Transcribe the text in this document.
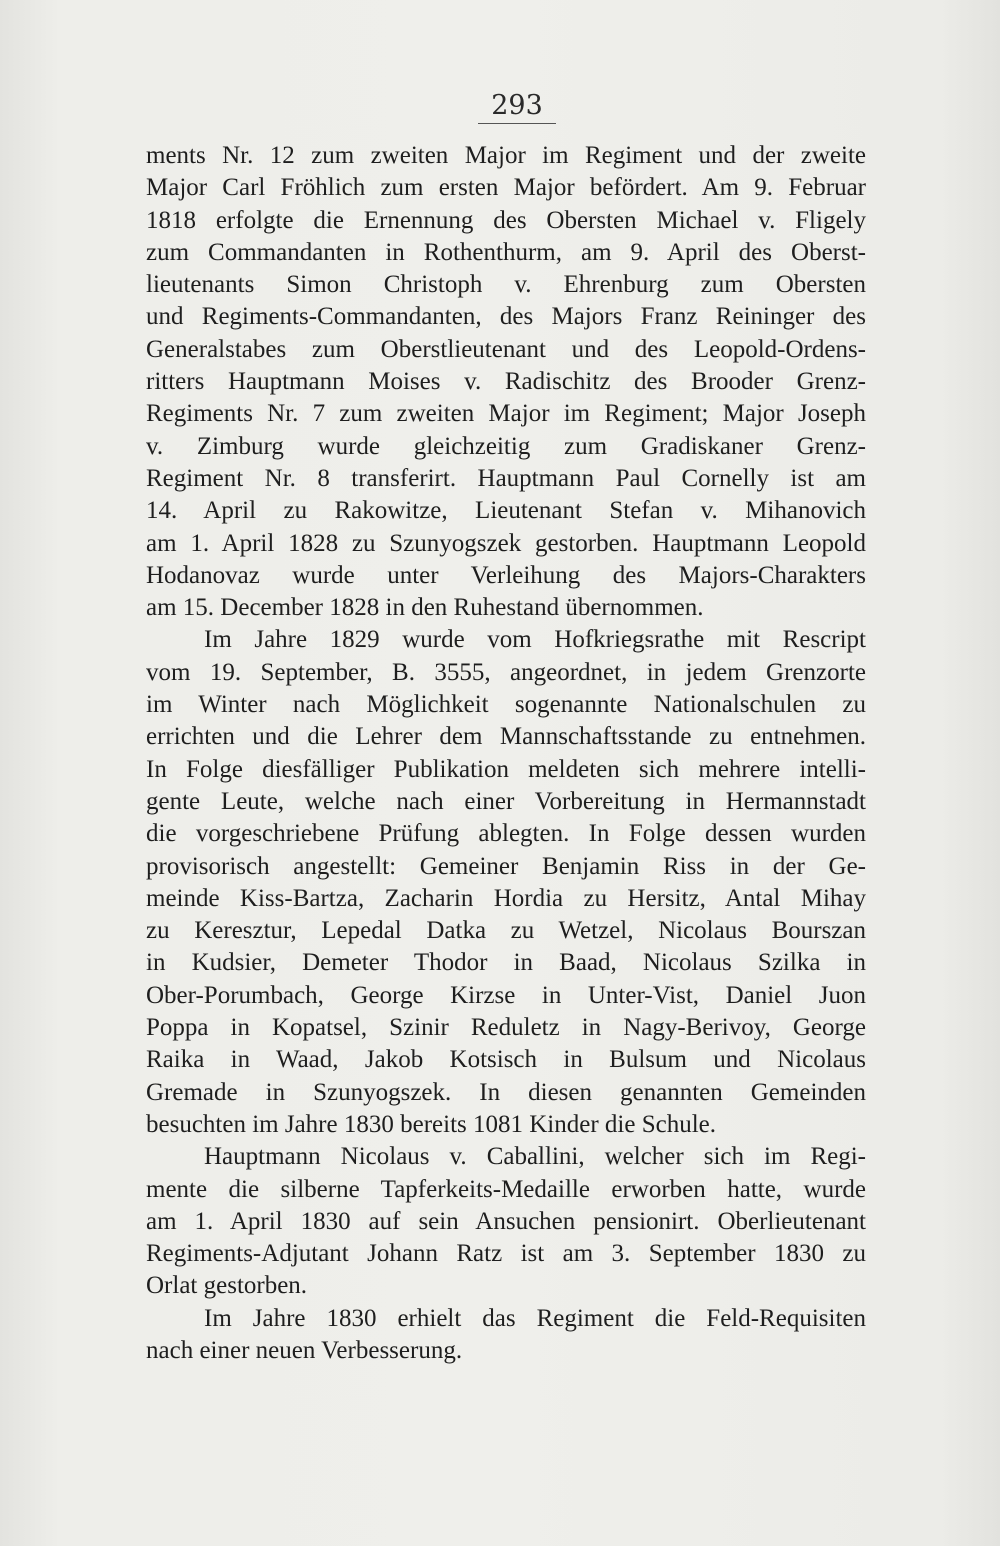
293

ments Nr. 12 zum zweiten Major im Regiment und der zweite

Major Carl Fröhlich zum ersten Major befördert. Am 9. Februar

1818 erfolgte die Ernennung des Obersten Michael v. Fligely

zum Commandanten in Rothenthurm, am 9. April des Oberst-

lieutenants Simon Christoph v. Ehrenburg zum Obersten

und Regiments-Commandanten, des Majors Franz Reininger des

Generalstabes zum Oberstlieutenant und des Leopold-Ordens-

ritters Hauptmann Moises v. Radischitz des Brooder Grenz-

Regiments Nr. 7 zum zweiten Major im Regiment; Major Joseph

v. Zimburg wurde gleichzeitig zum Gradiskaner Grenz-

Regiment Nr. 8 transferirt. Hauptmann Paul Cornelly ist am

14. April zu Rakowitze, Lieutenant Stefan v. Mihanovich

am 1. April 1828 zu Szunyogszek gestorben. Hauptmann Leopold

Hodanovaz wurde unter Verleihung des Majors-Charakters

am 15. December 1828 in den Ruhestand übernommen.

Im Jahre 1829 wurde vom Hofkriegsrathe mit Rescript

vom 19. September, B. 3555, angeordnet, in jedem Grenzorte

im Winter nach Möglichkeit sogenannte Nationalschulen zu

errichten und die Lehrer dem Mannschaftsstande zu entnehmen.

In Folge diesfälliger Publikation meldeten sich mehrere intelli-

gente Leute, welche nach einer Vorbereitung in Hermannstadt

die vorgeschriebene Prüfung ablegten. In Folge dessen wurden

provisorisch angestellt: Gemeiner Benjamin Riss in der Ge-

meinde Kiss-Bartza, Zacharin Hordia zu Hersitz, Antal Mihay

zu Keresztur, Lepedal Datka zu Wetzel, Nicolaus Bourszan

in Kudsier, Demeter Thodor in Baad, Nicolaus Szilka in

Ober-Porumbach, George Kirzse in Unter-Vist, Daniel Juon

Poppa in Kopatsel, Szinir Reduletz in Nagy-Berivoy, George

Raika in Waad, Jakob Kotsisch in Bulsum und Nicolaus

Gremade in Szunyogszek. In diesen genannten Gemeinden

besuchten im Jahre 1830 bereits 1081 Kinder die Schule.

Hauptmann Nicolaus v. Caballini, welcher sich im Regi-

mente die silberne Tapferkeits-Medaille erworben hatte, wurde

am 1. April 1830 auf sein Ansuchen pensionirt. Oberlieutenant

Regiments-Adjutant Johann Ratz ist am 3. September 1830 zu

Orlat gestorben.

Im Jahre 1830 erhielt das Regiment die Feld-Requisiten

nach einer neuen Verbesserung.
